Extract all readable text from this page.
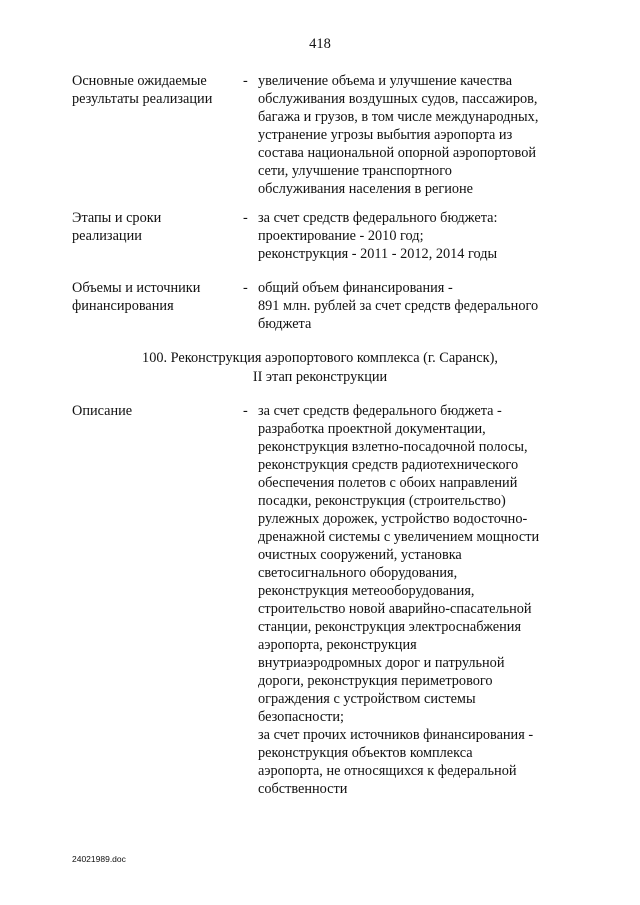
418
Основные ожидаемые
результаты реализации
- увеличение объема и улучшение качества
обслуживания воздушных судов, пассажиров,
багажа и грузов, в том числе международных,
устранение угрозы выбытия аэропорта из
состава национальной опорной аэропортовой
сети, улучшение транспортного
обслуживания населения в регионе
Этапы и сроки
реализации
- за счет средств федерального бюджета:
проектирование - 2010 год;
реконструкция - 2011 - 2012, 2014 годы
Объемы и источники
финансирования
- общий объем финансирования -
891 млн. рублей за счет средств федерального
бюджета
100. Реконструкция аэропортового комплекса (г. Саранск),
II этап реконструкции
Описание	- за счет средств федерального бюджета -
разработка проектной документации,
реконструкция взлетно-посадочной полосы,
реконструкция средств радиотехнического
обеспечения полетов с обоих направлений
посадки, реконструкция (строительство)
рулежных дорожек, устройство водосточно-
дренажной системы с увеличением мощности
очистных сооружений, установка
светосигнального оборудования,
реконструкция метеооборудования,
строительство новой аварийно-спасательной
станции, реконструкция электроснабжения
аэропорта, реконструкция
внутриаэродромных дорог и патрульной
дороги, реконструкция периметрового
ограждения с устройством системы
безопасности;
за счет прочих источников финансирования -
реконструкция объектов комплекса
аэропорта, не относящихся к федеральной
собственности
24021989.doc
